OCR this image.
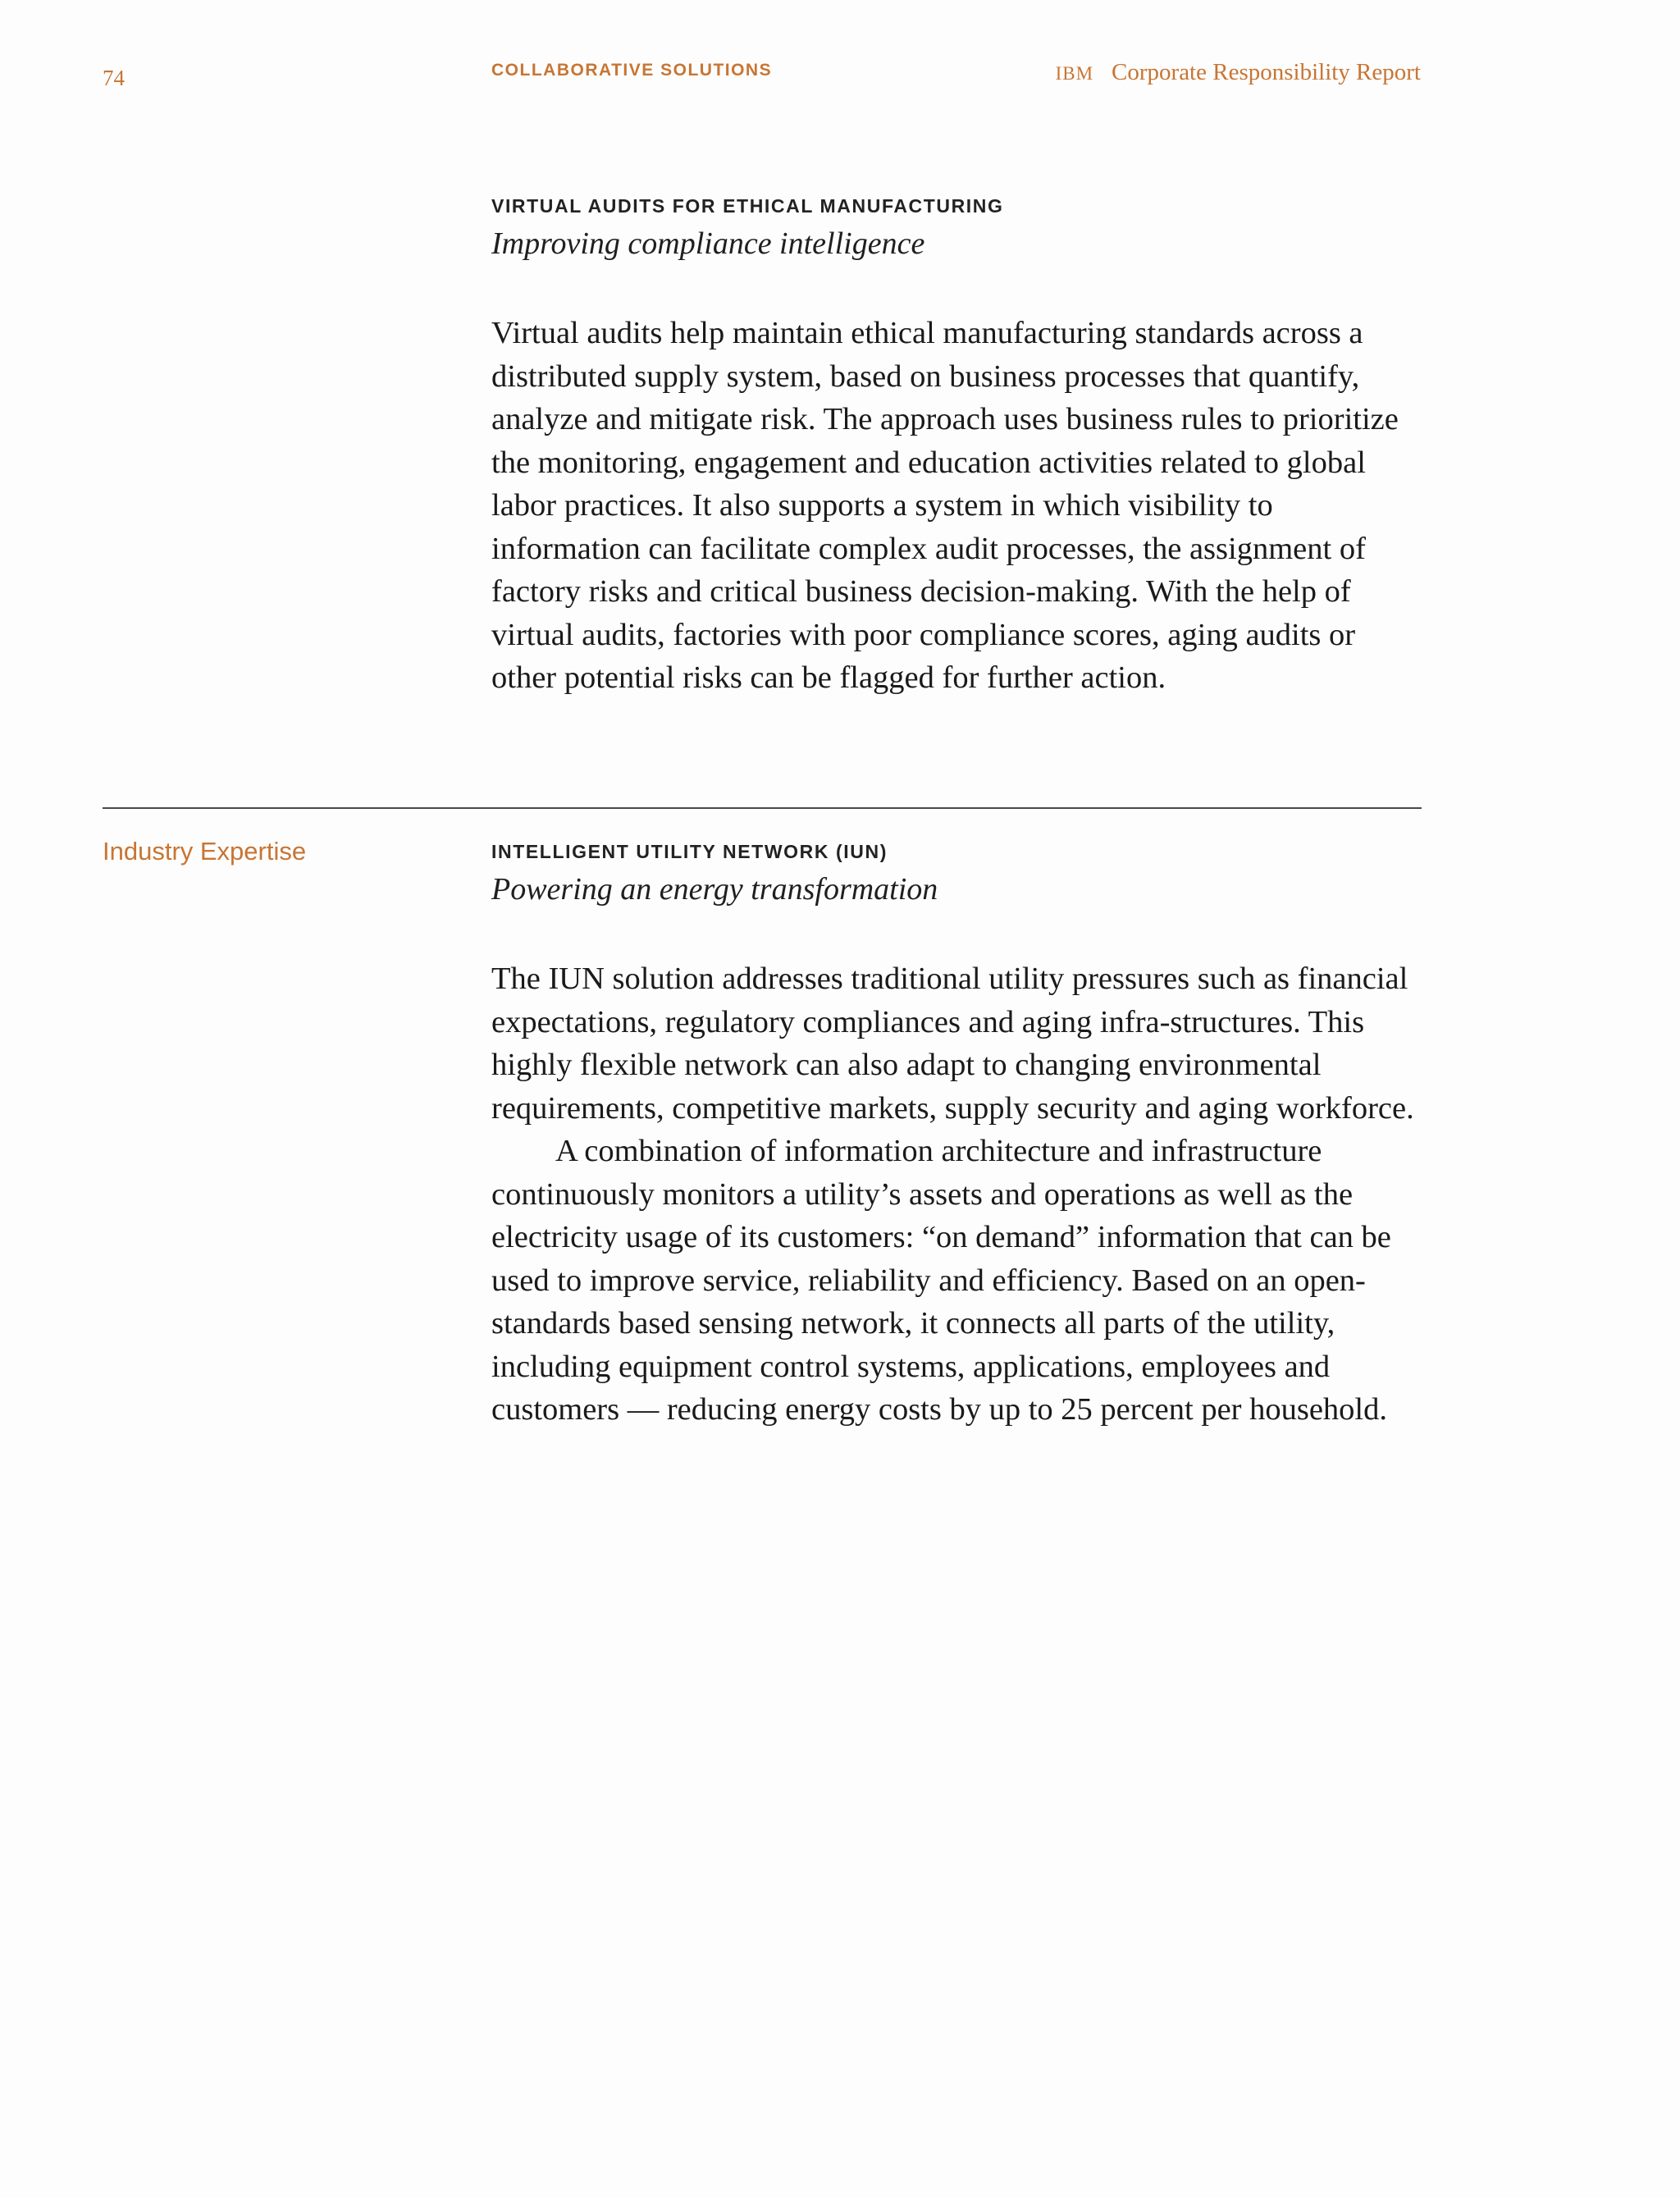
74	COLLABORATIVE SOLUTIONS	IBM Corporate Responsibility Report
VIRTUAL AUDITS FOR ETHICAL MANUFACTURING
Improving compliance intelligence

Virtual audits help maintain ethical manufacturing standards across a distributed supply system, based on business processes that quantify, analyze and mitigate risk. The approach uses business rules to prioritize the monitoring, engagement and education activities related to global labor practices. It also supports a system in which visibility to information can facilitate complex audit processes, the assignment of factory risks and critical business decision-making. With the help of virtual audits, factories with poor compliance scores, aging audits or other potential risks can be flagged for further action.

Industry Expertise	INTELLIGENT UTILITY NETWORK (IUN)
Powering an energy transformation

The IUN solution addresses traditional utility pressures such as financial expectations, regulatory compliances and aging infra-structures. This highly flexible network can also adapt to changing environmental requirements, competitive markets, supply security and aging workforce.

A combination of information architecture and infrastructure continuously monitors a utility’s assets and operations as well as the electricity usage of its customers: “on demand” information that can be used to improve service, reliability and efficiency. Based on an open-standards based sensing network, it connects all parts of the utility, including equipment control systems, applications, employees and customers — reducing energy costs by up to 25 percent per household.
